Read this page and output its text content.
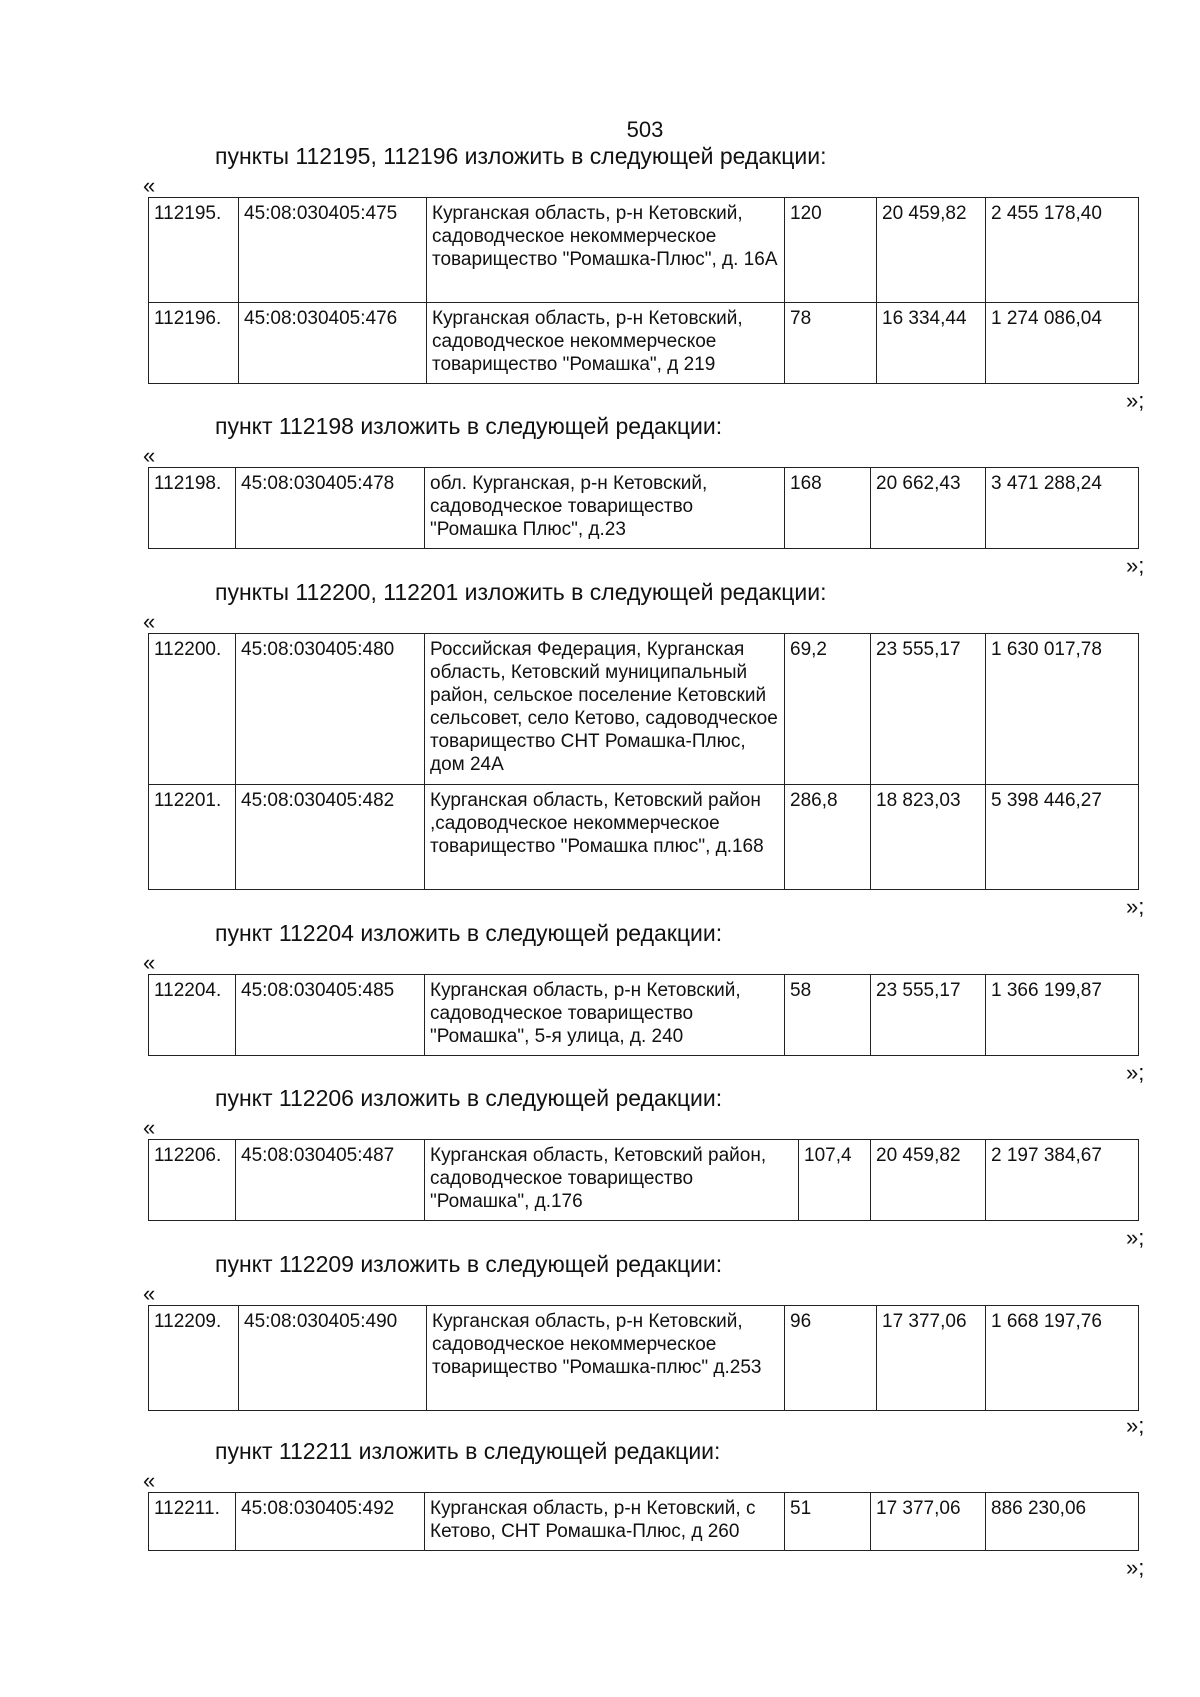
503
пункты 112195, 112196 изложить в следующей редакции:
«
112195.	45:08:030405:475	Курганская область, р-н Кетовский, садоводческое некоммерческое товарищество "Ромашка-Плюс", д. 16А	120	20 459,82	2 455 178,40
112196.	45:08:030405:476	Курганская область, р-н Кетовский, садоводческое некоммерческое товарищество "Ромашка", д 219	78	16 334,44	1 274 086,04
»;
пункт 112198 изложить в следующей редакции:
«
112198.	45:08:030405:478	обл. Курганская, р-н Кетовский, садоводческое товарищество "Ромашка Плюс", д.23	168	20 662,43	3 471 288,24
»;
пункты 112200, 112201 изложить в следующей редакции:
«
112200.	45:08:030405:480	Российская Федерация, Курганская область, Кетовский муниципальный район, сельское поселение Кетовский сельсовет, село Кетово, садоводческое товарищество СНТ Ромашка-Плюс, дом 24А	69,2	23 555,17	1 630 017,78
112201.	45:08:030405:482	Курганская область, Кетовский район ,садоводческое некоммерческое товарищество "Ромашка плюс", д.168	286,8	18 823,03	5 398 446,27
»;
пункт 112204 изложить в следующей редакции:
«
112204.	45:08:030405:485	Курганская область, р-н Кетовский, садоводческое товарищество "Ромашка", 5-я улица, д. 240	58	23 555,17	1 366 199,87
»;
пункт 112206 изложить в следующей редакции:
«
112206.	45:08:030405:487	Курганская область, Кетовский район, садоводческое товарищество "Ромашка", д.176	107,4	20 459,82	2 197 384,67
»;
пункт 112209 изложить в следующей редакции:
«
112209.	45:08:030405:490	Курганская область, р-н Кетовский, садоводческое некоммерческое товарищество "Ромашка-плюс" д.253	96	17 377,06	1 668 197,76
»;
пункт 112211 изложить в следующей редакции:
«
112211.	45:08:030405:492	Курганская область, р-н Кетовский, с Кетово, СНТ Ромашка-Плюс, д 260	51	17 377,06	886 230,06
»;
